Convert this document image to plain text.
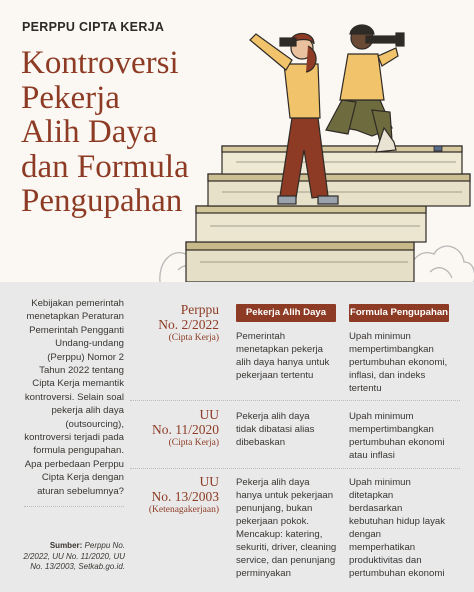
PERPPU CIPTA KERJA
Kontroversi
Pekerja
Alih Daya
dan Formula
Pengupahan
Kebijakan pemerintah menetapkan Peraturan Pemerintah Pengganti Undang-undang (Perppu) Nomor 2 Tahun 2022 tentang Cipta Kerja memantik kontroversi. Selain soal pekerja alih daya (outsourcing), kontroversi terjadi pada formula pengupahan. Apa perbedaan Perppu Cipta Kerja dengan aturan sebelumnya?
Sumber: Perppu No. 2/2022, UU No. 11/2020, UU No. 13/2003, Setkab.go.id.
Pekerja Alih Daya	Formula Pengupahan
Perppu
No. 2/2022
(Cipta Kerja) Pemerintah
menetapkan pekerja
alih daya hanya untuk
pekerjaan tertentu
Upah minimun
mempertimbangkan
pertumbuhan ekonomi,
inflasi, dan indeks
tertentu
UU
No. 11/2020
(Cipta Kerja)
Pekerja alih daya
tidak dibatasi alias
dibebaskan
Upah minimum
mempertimbangkan
pertumbuhan ekonomi
atau inflasi
UU
No. 13/2003
(Ketenagakerjaan)
Pekerja alih daya
hanya untuk pekerjaan
penunjang, bukan
pekerjaan pokok.
Mencakup: katering,
sekuriti, driver, cleaning
service, dan penunjang
perminyakan
Upah minimun
ditetapkan
berdasarkan
kebutuhan hidup layak
dengan
memperhatikan
produktivitas dan
pertumbuhan ekonomi
